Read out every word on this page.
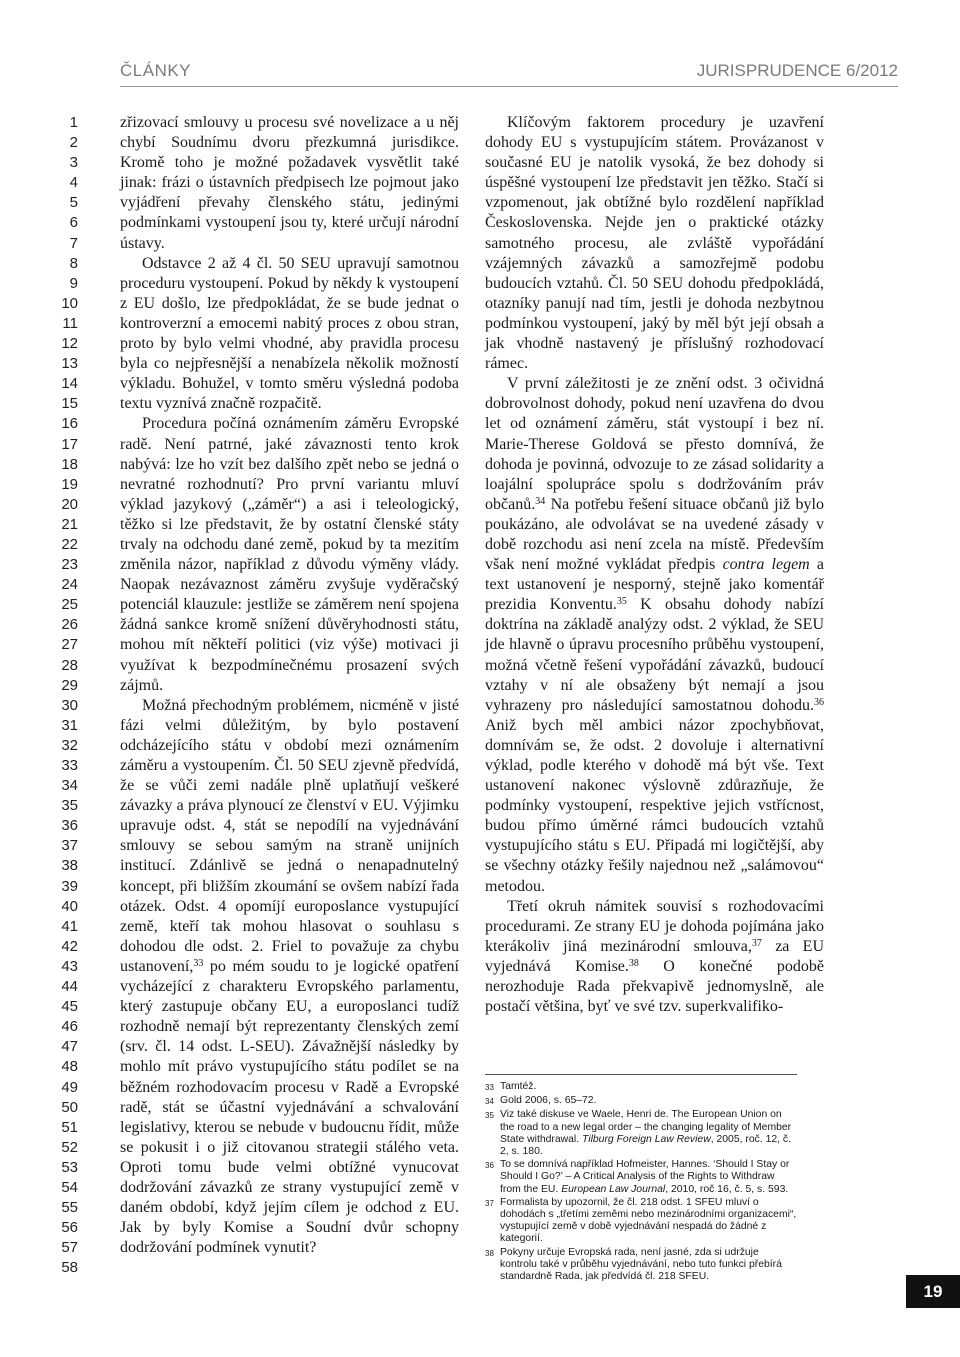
ČLÁNKY	JURISPRUDENCE 6/2012
1
2
3
4
5
6
7
8
9
10
11
12
13
14
15
16
17
18
19
20
21
22
23
24
25
26
27
28
29
30
31
32
33
34
35
36
37
38
39
40
41
42
43
44
45
46
47
48
49
50
51
52
53
54
55
56
57
58

zřizovací smlouvy u procesu své novelizace a u něj chybí Soudnímu dvoru přezkumná jurisdikce. Kromě toho je možné požadavek vysvětlit také jinak: frázi o ústavních předpisech lze pojmout jako vyjádření převahy členského státu, jedinými podmínkami vystoupení jsou ty, které určují národní ústavy.

Odstavce 2 až 4 čl. 50 SEU upravují samotnou proceduru vystoupení. Pokud by někdy k vystoupení z EU došlo, lze předpokládat, že se bude jednat o kontroverzní a emocemi nabitý proces z obou stran, proto by bylo velmi vhodné, aby pravidla procesu byla co nejpřesnější a nenabízela několik možností výkladu. Bohužel, v tomto směru výsledná podoba textu vyznívá značně rozpačitě.

Procedura počíná oznámením záměru Evropské radě. Není patrné, jaké závaznosti tento krok nabývá: lze ho vzít bez dalšího zpět nebo se jedná o nevratné rozhodnutí? Pro první variantu mluví výklad jazykový („záměr“) a asi i teleologický, těžko si lze představit, že by ostatní členské státy trvaly na odchodu dané země, pokud by ta mezitím změnila názor, například z důvodu výměny vlády. Naopak nezávaznost záměru zvyšuje vyděračský potenciál klauzule: jestliže se záměrem není spojena žádná sankce kromě snížení důvěryhodnosti státu, mohou mít někteří politici (viz výše) motivaci ji využívat k bezpodmínečnému prosazení svých zájmů.

Možná přechodným problémem, nicméně v jisté fázi velmi důležitým, by bylo postavení odcházejícího státu v období mezi oznámením záměru a vystoupením. Čl. 50 SEU zjevně předvídá, že se vůči zemi nadále plně uplatňují veškeré závazky a práva plynoucí ze členství v EU. Výjimku upravuje odst. 4, stát se nepodílí na vyjednávání smlouvy se sebou samým na straně unijních institucí. Zdánlivě se jedná o nenapadnutelný koncept, při bližším zkoumání se ovšem nabízí řada otázek. Odst. 4 opomíjí europoslance vystupující země, kteří tak mohou hlasovat o souhlasu s dohodou dle odst. 2. Friel to považuje za chybu ustanovení,$^{33}$ po mém soudu to je logické opatření vycházející z charakteru Evropského parlamentu, který zastupuje občany EU, a europoslanci tudíž rozhodně nemají být reprezentanty členských zemí (srv. čl. 14 odst. L-SEU). Závažnější následky by mohlo mít právo vystupujícího státu podílet se na běžném rozhodovacím procesu v Radě a Evropské radě, stát se účastní vyjednávání a schvalování legislativy, kterou se nebude v budoucnu řídit, může se pokusit i o již citovanou strategii stálého veta. Oproti tomu bude velmi obtížné vynucovat dodržování závazků ze strany vystupující země v daném období, když jejím cílem je odchod z EU. Jak by byly Komise a Soudní dvůr schopny dodržování podmínek vynutit?

Klíčovým faktorem procedury je uzavření dohody EU s vystupujícím státem. Provázanost v současné EU je natolik vysoká, že bez dohody si úspěšné vystoupení lze představit jen těžko. Stačí si vzpomenout, jak obtížné bylo rozdělení například Československa. Nejde jen o praktické otázky samotného procesu, ale zvláště vypořádání vzájemných závazků a samozřejmě podobu budoucích vztahů. Čl. 50 SEU dohodu předpokládá, otazníky panují nad tím, jestli je dohoda nezbytnou podmínkou vystoupení, jaký by měl být její obsah a jak vhodně nastavený je příslušný rozhodovací rámec.

V první záležitosti je ze znění odst. 3 očividná dobrovolnost dohody, pokud není uzavřena do dvou let od oznámení záměru, stát vystoupí i bez ní. Marie-Therese Goldová se přesto domnívá, že dohoda je povinná, odvozuje to ze zásad solidarity a loajální spolupráce spolu s dodržováním práv občanů.$^{34}$ Na potřebu řešení situace občanů již bylo poukázáno, ale odvolávat se na uvedené zásady v době rozchodu asi není zcela na místě. Především však není možné vykládat předpis contra legem a text ustanovení je nesporný, stejně jako komentář prezidia Konventu.$^{35}$ K obsahu dohody nabízí doktrína na základě analýzy odst. 2 výklad, že SEU jde hlavně o úpravu procesního průběhu vystoupení, možná včetně řešení vypořádání závazků, budoucí vztahy v ní ale obsaženy být nemají a jsou vyhrazeny pro následující samostatnou dohodu.$^{36}$ Aniž bych měl ambici názor zpochybňovat, domnívám se, že odst. 2 dovoluje i alternativní výklad, podle kterého v dohodě má být vše. Text ustanovení nakonec výslovně zdůrazňuje, že podmínky vystoupení, respektive jejich vstřícnost, budou přímo úměrné rámci budoucích vztahů vystupujícího státu s EU. Připadá mi logičtější, aby se všechny otázky řešily najednou než „salámovou“ metodou.

Třetí okruh námitek souvisí s rozhodovacími procedurami. Ze strany EU je dohoda pojímána jako kterákoliv jiná mezinárodní smlouva,$^{37}$ za EU vyjednává Komise.$^{38}$ O konečné podobě nerozhoduje Rada překvapivě jednomyslně, ale postačí většina, byť ve své tzv. superkvalifiko-

33 Tamtéž.
34 Gold 2006, s. 65–72.
35 Viz také diskuse ve Waele, Henri de. The European Union on the road to a new legal order – the changing legality of Member State withdrawal. Tilburg Foreign Law Review, 2005, roč. 12, č. 2, s. 180.
36 To se domnívá například Hofmeister, Hannes. ‘Should I Stay or Should I Go?’ – A Critical Analysis of the Rights to Withdraw from the EU. European Law Journal, 2010, roč 16, č. 5, s. 593.
37 Formalista by upozornil, že čl. 218 odst. 1 SFEU mluví o dohodách s „třetími zeměmi nebo mezinárodními organizacemi“, vystupující země v době vyjednávání nespadá do žádné z kategorií.
38 Pokyny určuje Evropská rada, není jasné, zda si udržuje kontrolu také v průběhu vyjednávání, nebo tuto funkci přebírá standardně Rada, jak předvídá čl. 218 SFEU.
19
